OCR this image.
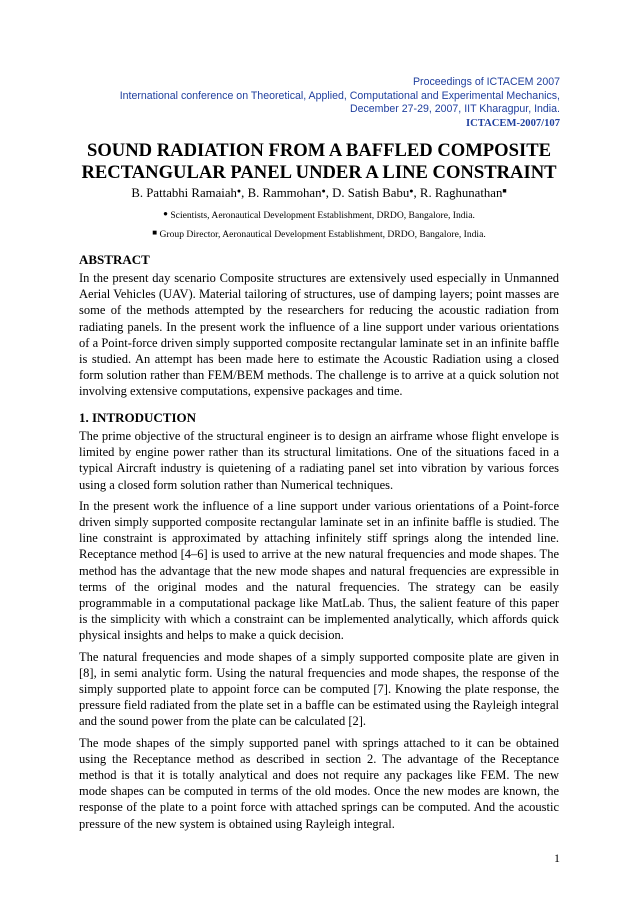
Proceedings of ICTACEM 2007
International conference on Theoretical, Applied, Computational and Experimental Mechanics,
December 27-29, 2007, IIT Kharagpur, India.
ICTACEM-2007/107
SOUND RADIATION FROM A BAFFLED COMPOSITE
RECTANGULAR PANEL UNDER A LINE CONSTRAINT
B. Pattabhi Ramaiah●, B. Rammohan●, D. Satish Babu●, R. Raghunathan■
● Scientists, Aeronautical Development Establishment, DRDO, Bangalore, India.
■ Group Director, Aeronautical Development Establishment, DRDO, Bangalore, India.
ABSTRACT

In the present day scenario Composite structures are extensively used especially in Unmanned Aerial Vehicles (UAV). Material tailoring of structures, use of damping layers; point masses are some of the methods attempted by the researchers for reducing the acoustic radiation from radiating panels. In the present work the influence of a line support under various orientations of a Point-force driven simply supported composite rectangular laminate set in an infinite baffle is studied. An attempt has been made here to estimate the Acoustic Radiation using a closed form solution rather than FEM/BEM methods. The challenge is to arrive at a quick solution not involving extensive computations, expensive packages and time.

1. INTRODUCTION

The prime objective of the structural engineer is to design an airframe whose flight envelope is limited by engine power rather than its structural limitations. One of the situations faced in a typical Aircraft industry is quietening of a radiating panel set into vibration by various forces using a closed form solution rather than Numerical techniques.

In the present work the influence of a line support under various orientations of a Point-force driven simply supported composite rectangular laminate set in an infinite baffle is studied. The line constraint is approximated by attaching infinitely stiff springs along the intended line. Receptance method [4–6] is used to arrive at the new natural frequencies and mode shapes. The method has the advantage that the new mode shapes and natural frequencies are expressible in terms of the original modes and the natural frequencies. The strategy can be easily programmable in a computational package like MatLab. Thus, the salient feature of this paper is the simplicity with which a constraint can be implemented analytically, which affords quick physical insights and helps to make a quick decision.

The natural frequencies and mode shapes of a simply supported composite plate are given in [8], in semi analytic form. Using the natural frequencies and mode shapes, the response of the simply supported plate to appoint force can be computed [7]. Knowing the plate response, the pressure field radiated from the plate set in a baffle can be estimated using the Rayleigh integral and the sound power from the plate can be calculated [2].

The mode shapes of the simply supported panel with springs attached to it can be obtained using the Receptance method as described in section 2. The advantage of the Receptance method is that it is totally analytical and does not require any packages like FEM. The new mode shapes can be computed in terms of the old modes. Once the new modes are known, the response of the plate to a point force with attached springs can be computed. And the acoustic pressure of the new system is obtained using Rayleigh integral.

1
